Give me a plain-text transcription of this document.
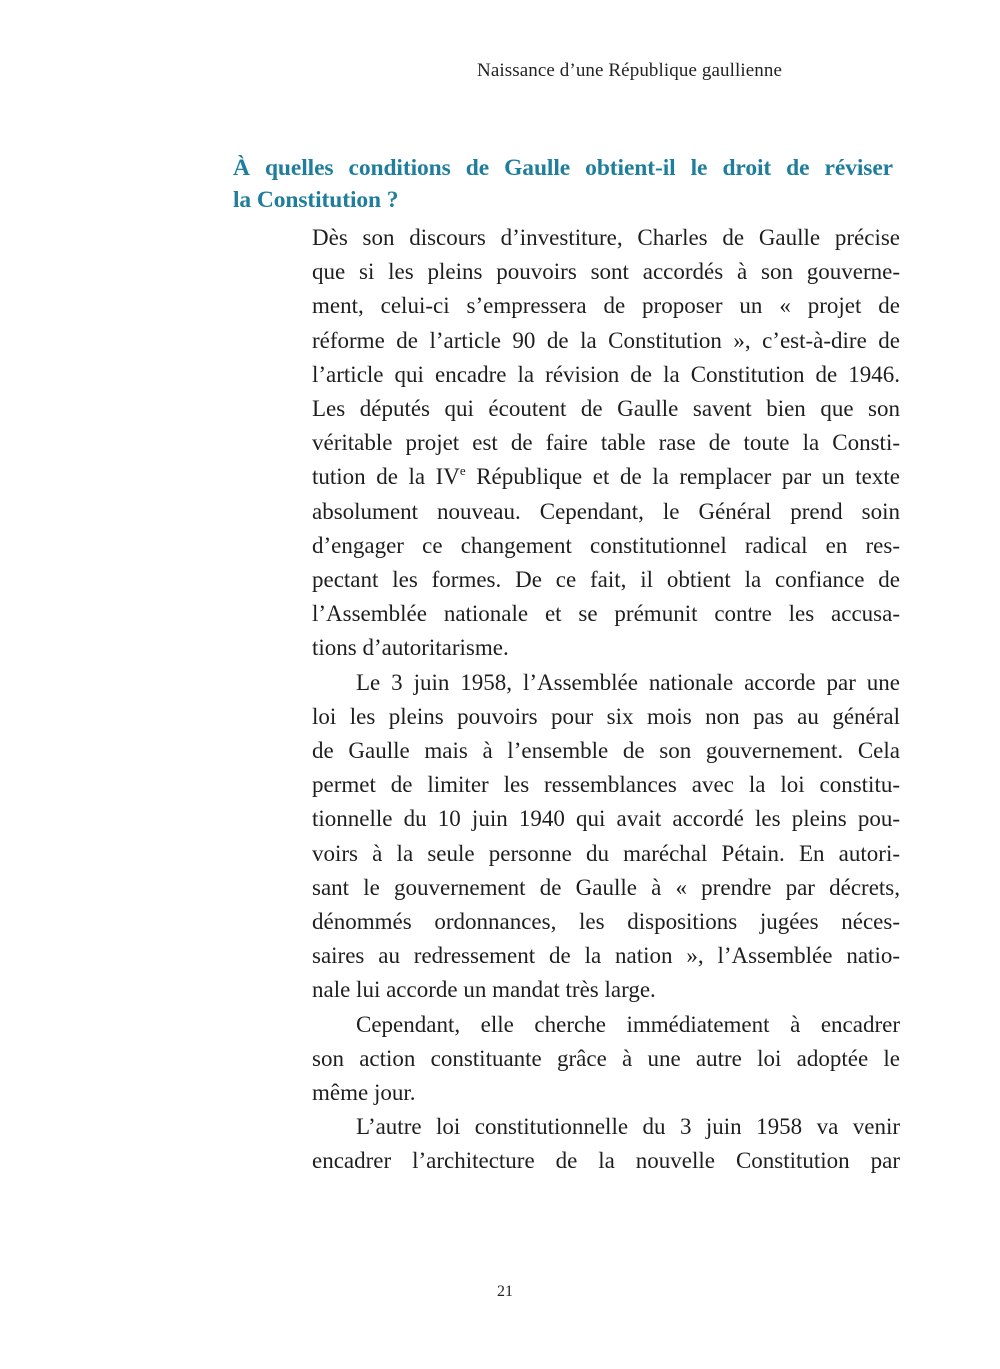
Naissance d’une République gaullienne
À quelles conditions de Gaulle obtient-il le droit de réviser
la Constitution ?
Dès son discours d’investiture, Charles de Gaulle précise
que si les pleins pouvoirs sont accordés à son gouverne-
ment, celui-ci s’empressera de proposer un « projet de
réforme de l’article 90 de la Constitution », c’est-à-dire de
l’article qui encadre la révision de la Constitution de 1946.
Les députés qui écoutent de Gaulle savent bien que son
véritable projet est de faire table rase de toute la Consti-
tution de la IVe République et de la remplacer par un texte
absolument nouveau. Cependant, le Général prend soin
d’engager ce changement constitutionnel radical en res-
pectant les formes. De ce fait, il obtient la confiance de
l’Assemblée nationale et se prémunit contre les accusa-
tions d’autoritarisme.
Le 3 juin 1958, l’Assemblée nationale accorde par une
loi les pleins pouvoirs pour six mois non pas au général
de Gaulle mais à l’ensemble de son gouvernement. Cela
permet de limiter les ressemblances avec la loi constitu-
tionnelle du 10 juin 1940 qui avait accordé les pleins pou-
voirs à la seule personne du maréchal Pétain. En autori-
sant le gouvernement de Gaulle à « prendre par décrets,
dénommés ordonnances, les dispositions jugées néces-
saires au redressement de la nation », l’Assemblée natio-
nale lui accorde un mandat très large.
Cependant, elle cherche immédiatement à encadrer
son action constituante grâce à une autre loi adoptée le
même jour.
L’autre loi constitutionnelle du 3 juin 1958 va venir
encadrer l’architecture de la nouvelle Constitution par
21
